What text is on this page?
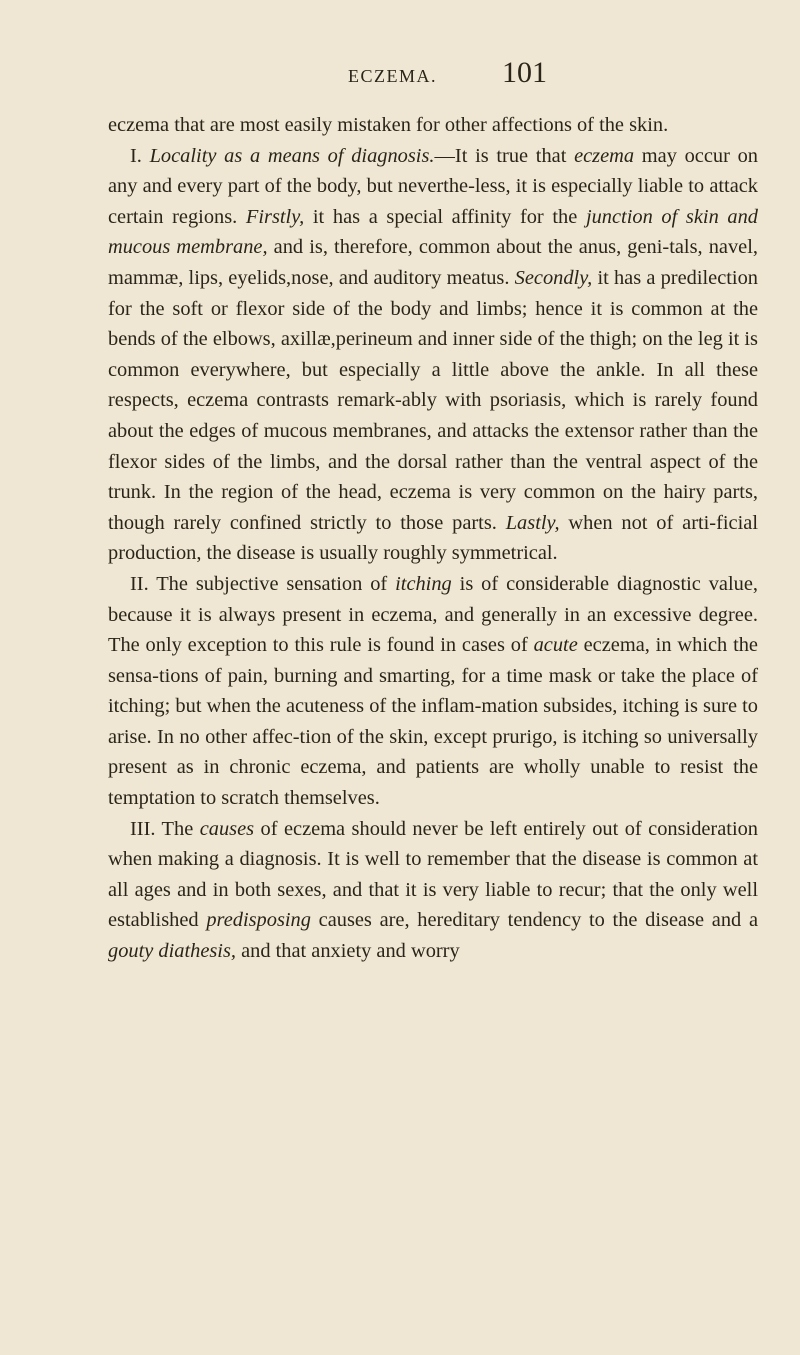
ECZEMA. 101

eczema that are most easily mistaken for other affections of the skin.

I. Locality as a means of diagnosis.—It is true that eczema may occur on any and every part of the body, but neverthe-less, it is especially liable to attack certain regions. Firstly, it has a special affinity for the junction of skin and mucous membrane, and is, therefore, common about the anus, geni-tals, navel, mammæ, lips, eyelids,nose, and auditory meatus. Secondly, it has a predilection for the soft or flexor side of the body and limbs; hence it is common at the bends of the elbows, axillæ,perineum and inner side of the thigh; on the leg it is common everywhere, but especially a little above the ankle. In all these respects, eczema contrasts remark-ably with psoriasis, which is rarely found about the edges of mucous membranes, and attacks the extensor rather than the flexor sides of the limbs, and the dorsal rather than the ventral aspect of the trunk. In the region of the head, eczema is very common on the hairy parts, though rarely confined strictly to those parts. Lastly, when not of arti-ficial production, the disease is usually roughly symmetrical.

II. The subjective sensation of itching is of considerable diagnostic value, because it is always present in eczema, and generally in an excessive degree. The only exception to this rule is found in cases of acute eczema, in which the sensa-tions of pain, burning and smarting, for a time mask or take the place of itching; but when the acuteness of the inflam-mation subsides, itching is sure to arise. In no other affec-tion of the skin, except prurigo, is itching so universally present as in chronic eczema, and patients are wholly unable to resist the temptation to scratch themselves.

III. The causes of eczema should never be left entirely out of consideration when making a diagnosis. It is well to remember that the disease is common at all ages and in both sexes, and that it is very liable to recur; that the only well established predisposing causes are, hereditary tendency to the disease and a gouty diathesis, and that anxiety and worry
